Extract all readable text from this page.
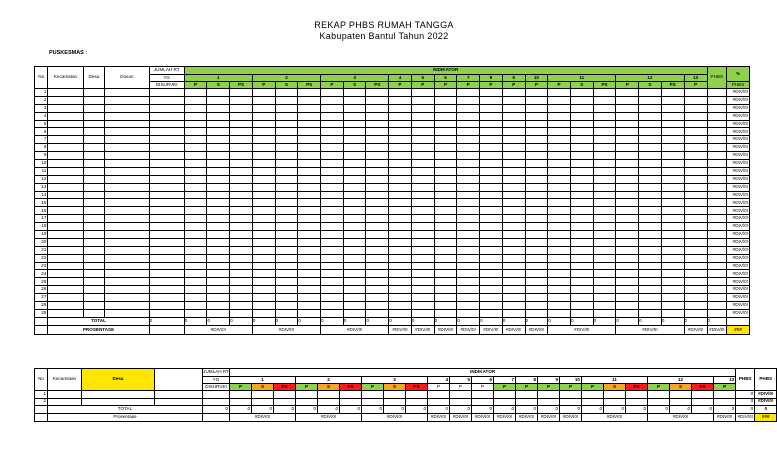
REKAP PHBS RUMAH TANGGA
Kabupaten Bantul Tahun 2022
PUSKESMAS :
No	Kecamatan	Desa	Dusun	JUMLAH RT	INDIKATOR																							PHBS	%
				YG	1			2			3			4	5	6	7	8	9	10	11			12			13		
				DISURVEI	P	S	PS	P	S	PS	P	S	PS	P	P	P	P	P	P	P	P	S	PS	P	S	PS	P		PHBS
1																													#DIV/0!
2																													#DIV/0!
3																													#DIV/0!
4																													#DIV/0!
5																													#DIV/0!
6																													#DIV/0!
7																													#DIV/0!
8																													#DIV/0!
9																													#DIV/0!
10																													#DIV/0!
11																													#DIV/0!
12																													#DIV/0!
13																													#DIV/0!
14																													#DIV/0!
15																													#DIV/0!
16																													#DIV/0!
17																													#DIV/0!
18																													#DIV/0!
19																													#DIV/0!
20																													#DIV/0!
21																													#DIV/0!
22																													#DIV/0!
23																													#DIV/0!
24																													#DIV/0!
25																													#DIV/0!
26																													#DIV/0!
27																													#DIV/0!
28																													#DIV/0!
29																													#DIV/0!
	TOTAL			0	0	0	0	0	0	0	0	0	0	0	0	0	0	0	0	0	0	0	0	0	0	0	0	0	
	PROSENTASE				#DIV/0!			#DIV/0!			#DIV/0!			#DIV/0!	#DIV/0!	#DIV/0!	#DIV/0!	#DIV/0!	#DIV/0!	#DIV/0!	#DIV/0!			#DIV/0!			#DIV/0!	#DIV/0!	###
No	Kecamatan	Desa		JUMLAH RT	INDIKATOR																							PHBS	PHBS
				YG	1			2			3			4	5	6	7	8	9	10	11			12			13		
				DISURVEI	P	S	PS	P	S	PS	P	S	PS	P	P	P	P	P	P	P	P	S	PS	P	S	PS	P		
1																												0	#DIV/0!
2																												0	#DIV/0!
	TOTAL			0	0	0	0	0	0	0	0	0	0	0	0	0	0	0	0	0	0	0	0	0	0	0	0	0	0
	Prosentase				#DIV/0!			#DIV/0!			#DIV/0!			#DIV/0!	#DIV/0!	#DIV/0!	#DIV/0!	#DIV/0!	#DIV/0!	#DIV/0!	#DIV/0!			#DIV/0!			#DIV/0!	#DIV/0!	###
